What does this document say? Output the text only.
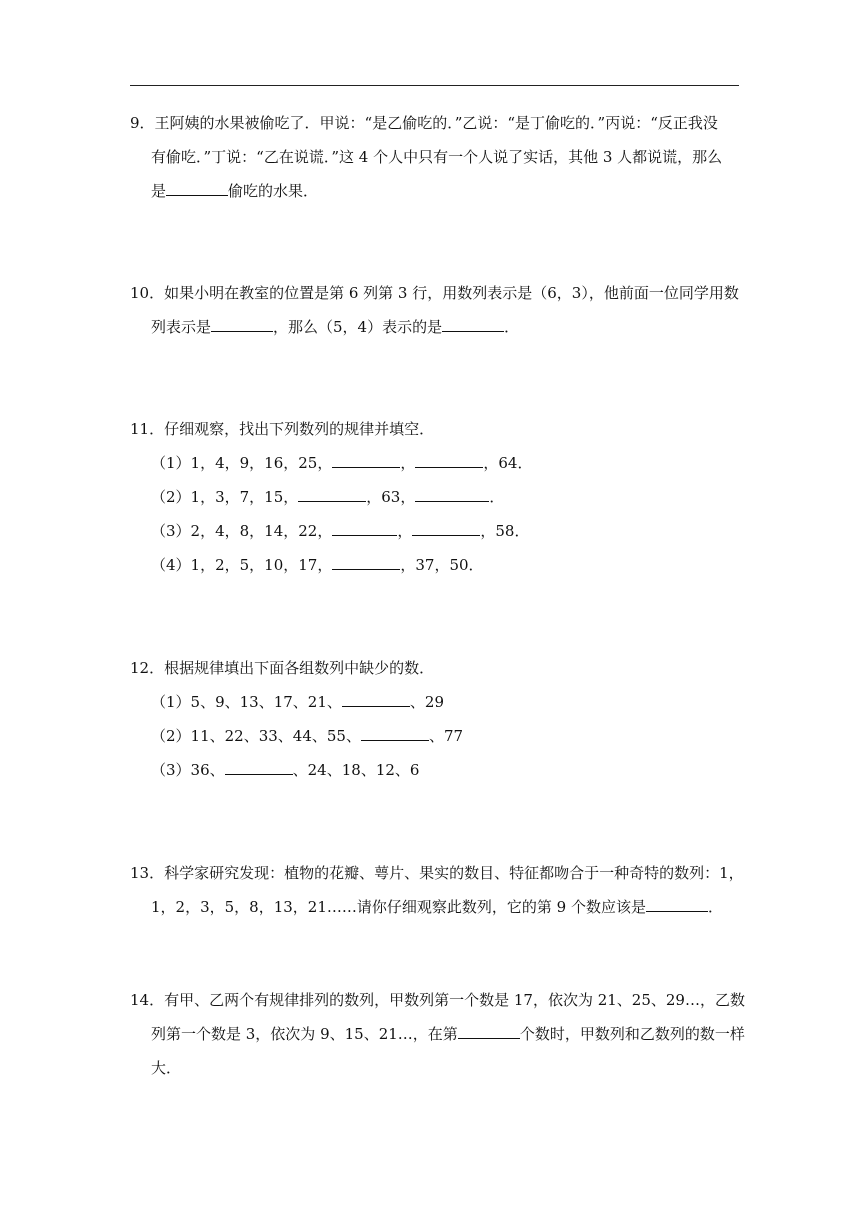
9．王阿姨的水果被偷吃了．甲说：“是乙偷吃的．”乙说：“是丁偷吃的．”丙说：“反正我没
有偷吃．”丁说：“乙在说谎．”这 4 个人中只有一个人说了实话，其他 3 人都说谎，那么
是	偷吃的水果．
10．如果小明在教室的位置是第 6 列第 3 行，用数列表示是（6，3），他前面一位同学用数
列表示是	，那么（5，4）表示的是	．
11．仔细观察，找出下列数列的规律并填空．
（1）1，4，9，16，25，	，	，64．
（2）1，3，7，15，	，63，	．
（3）2，4，8，14，22，	，	，58．
（4）1，2，5，10，17，	，37，50．
12．根据规律填出下面各组数列中缺少的数．
（1）5、9、13、17、21、	、29
（2）11、22、33、44、55、	、77
（3）36、	、24、18、12、6
13．科学家研究发现：植物的花瓣、萼片、果实的数目、特征都吻合于一种奇特的数列：1，
1，2，3，5，8，13，21……请你仔细观察此数列，它的第 9 个数应该是	．
14．有甲、乙两个有规律排列的数列，甲数列第一个数是 17，依次为 21、25、29…，乙数
列第一个数是 3，依次为 9、15、21…，在第	个数时，甲数列和乙数列的数一样
大．
